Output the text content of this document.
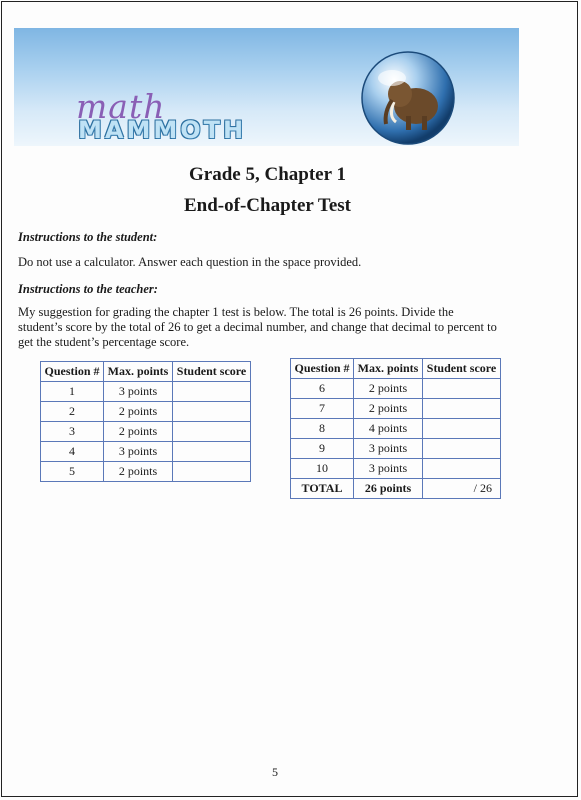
math
MAMMOTH
Grade 5, Chapter 1
End-of-Chapter Test
Instructions to the student:
Do not use a calculator. Answer each question in the space provided.
Instructions to the teacher:
My suggestion for grading the chapter 1 test is below. The total is 26 points. Divide the student’s score by the total of 26 to get a decimal number, and change that decimal to percent to get the student’s percentage score.
Question #	Max. points	Student score
1	3 points	
2	2 points	
3	2 points	
4	3 points	
5	2 points	
Question #	Max. points	Student score
6	2 points	
7	2 points	
8	4 points	
9	3 points	
10	3 points	
TOTAL	26 points	/ 26
5
